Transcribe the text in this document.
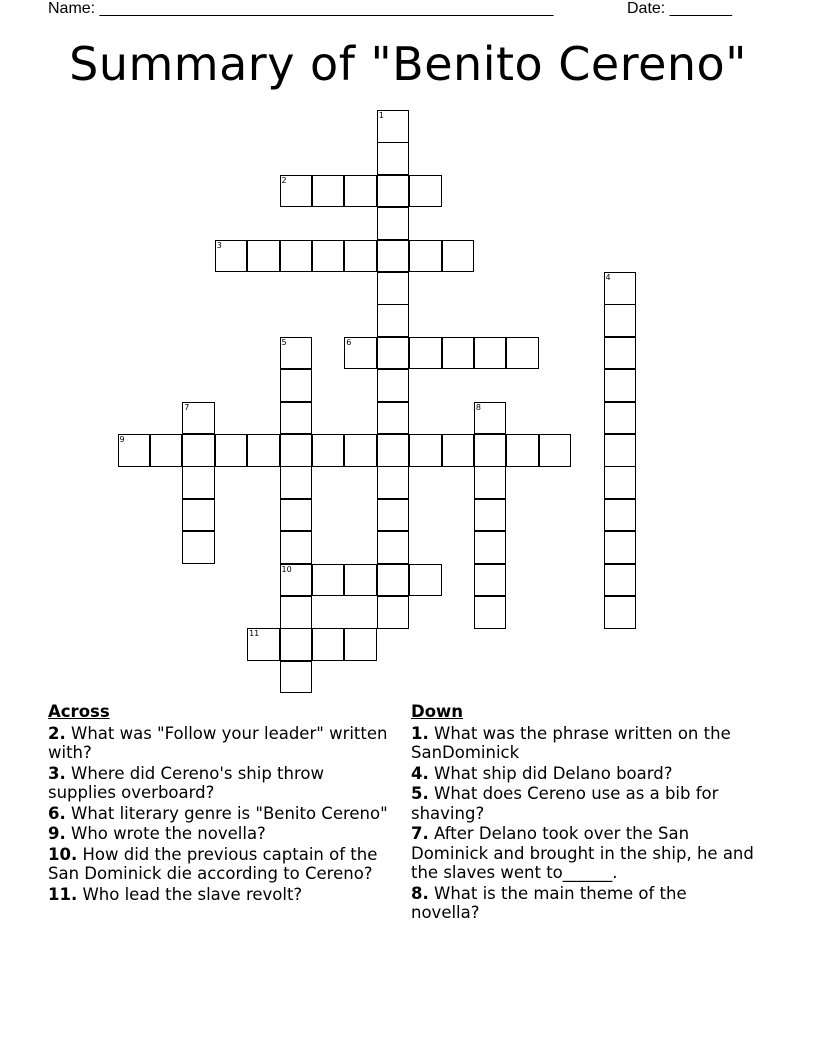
Name: ___________________________________________________	Date: _______
Summary of "Benito Cereno"
1
2
3
4
5
10
6
7	8
9
11
Across
2. What was "Follow your leader" written with?
3. Where did Cereno's ship throw supplies overboard?
6. What literary genre is "Benito Cereno"
9. Who wrote the novella?
10. How did the previous captain of the San Dominick die according to Cereno?
11. Who lead the slave revolt?
Down
1. What was the phrase written on the SanDominick
4. What ship did Delano board?
5. What does Cereno use as a bib for shaving?
7. After Delano took over the San Dominick and brought in the ship, he and the slaves went to______.
8. What is the main theme of the novella?
